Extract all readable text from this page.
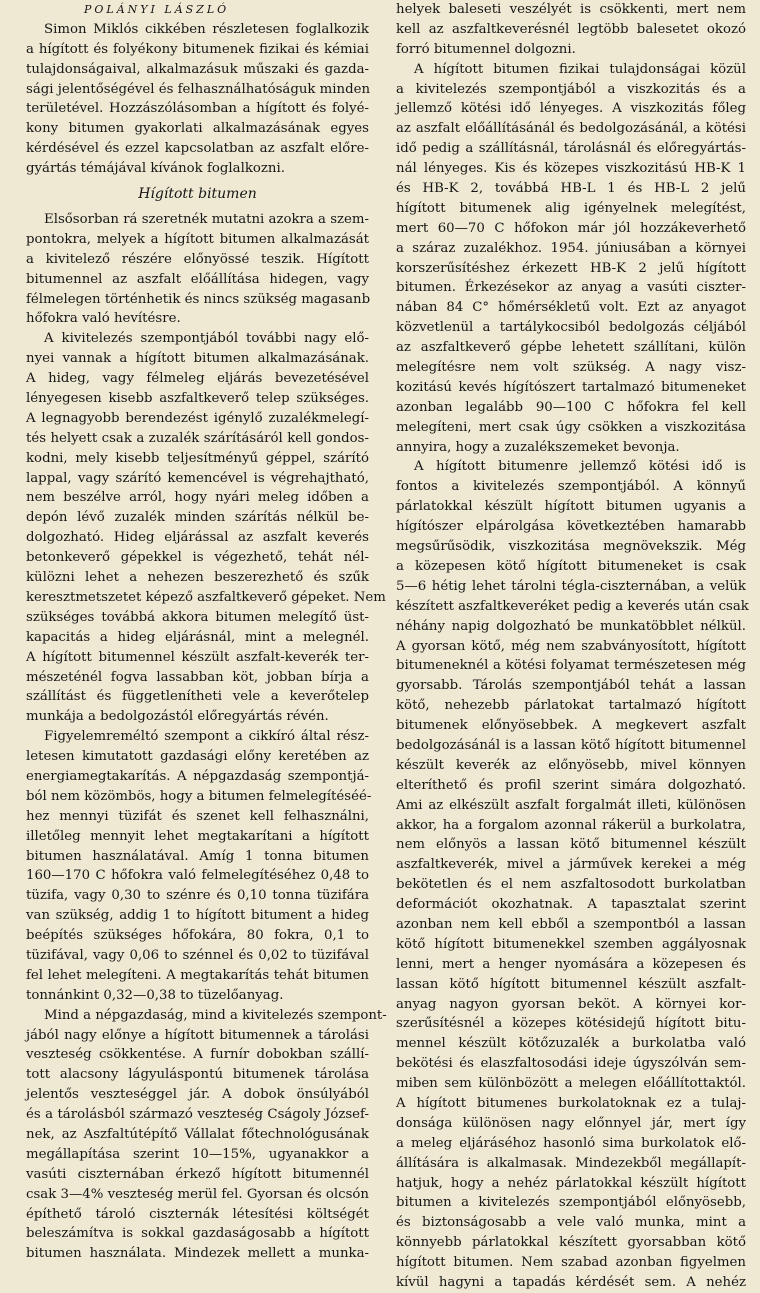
POLÁNYI LÁSZLÓ
Simon Miklós cikkében részletesen foglalkozik
a hígított és folyékony bitumenek fizikai és kémiai
tulajdonságaival, alkalmazásuk műszaki és gazda-
sági jelentőségével és felhasználhatóságuk minden
területével. Hozzászólásomban a hígított és folyé-
kony bitumen gyakorlati alkalmazásának egyes
kérdésével és ezzel kapcsolatban az aszfalt előre-
gyártás témájával kívánok foglalkozni.
Hígított bitumen
Elsősorban rá szeretnék mutatni azokra a szem-
pontokra, melyek a hígított bitumen alkalmazását
a kivitelező részére előnyössé teszik. Hígított
bitumennel az aszfalt előállítása hidegen, vagy
félmelegen történhetik és nincs szükség magasanb
hőfokra való hevítésre.
A kivitelezés szempontjából további nagy elő-
nyei vannak a hígított bitumen alkalmazásának.
A hideg, vagy félmeleg eljárás bevezetésével
lényegesen kisebb aszfaltkeverő telep szükséges.
A legnagyobb berendezést igénylő zuzalékmelegí-
tés helyett csak a zuzalék szárításáról kell gondos-
kodni, mely kisebb teljesítményű géppel, szárító
lappal, vagy szárító kemencével is végrehajtható,
nem beszélve arról, hogy nyári meleg időben a
depón lévő zuzalék minden szárítás nélkül be-
dolgozható. Hideg eljárással az aszfalt keverés
betonkeverő gépekkel is végezhető, tehát nél-
külözni lehet a nehezen beszerezhető és szűk
keresztmetszetet képező aszfaltkeverő gépeket. Nem
szükséges továbbá akkora bitumen melegítő üst-
kapacitás a hideg eljárásnál, mint a melegnél.
A hígított bitumennel készült aszfalt-keverék ter-
mészeténél fogva lassabban köt, jobban bírja a
szállítást és függetlenítheti vele a keverőtelep
munkája a bedolgozástól előregyártás révén.
Figyelemreméltó szempont a cikkíró által rész-
letesen kimutatott gazdasági előny keretében az
energiamegtakarítás. A népgazdaság szempontjá-
ból nem közömbös, hogy a bitumen felmelegítéséé-
hez mennyi tüzifát és szenet kell felhasználni,
illetőleg mennyit lehet megtakarítani a hígított
bitumen használatával. Amíg 1 tonna bitumen
160—170 C hőfokra való felmelegítéséhez 0,48 to
tüzifa, vagy 0,30 to szénre és 0,10 tonna tüzifára
van szükség, addig 1 to hígított bitument a hideg
beépítés szükséges hőfokára, 80 fokra, 0,1 to
tüzifával, vagy 0,06 to szénnel és 0,02 to tüzifával
fel lehet melegíteni. A megtakarítás tehát bitumen
tonnánkint 0,32—0,38 to tüzelőanyag.
Mind a népgazdaság, mind a kivitelezés szempont-
jából nagy előnye a hígított bitumennek a tárolási
veszteség csökkentése. A furnír dobokban szállí-
tott alacsony lágyuláspontú bitumenek tárolása
jelentős veszteséggel jár. A dobok önsúlyából
és a tárolásból származó veszteség Cságoly József-
nek, az Aszfaltútépítő Vállalat főtechnológusának
megállapítása szerint 10—15%, ugyanakkor a
vasúti ciszternában érkező hígított bitumennél
csak 3—4% veszteség merül fel. Gyorsan és olcsón
építhető tároló ciszternák létesítési költségét
beleszámítva is sokkal gazdaságosabb a hígított
bitumen használata. Mindezek mellett a munka-
helyek baleseti veszélyét is csökkenti, mert nem
kell az aszfaltkeverésnél legtöbb balesetet okozó
forró bitumennel dolgozni.
A hígított bitumen fizikai tulajdonságai közül
a kivitelezés szempontjából a viszkozitás és a
jellemző kötési idő lényeges. A viszkozitás főleg
az aszfalt előállításánál és bedolgozásánál, a kötési
idő pedig a szállításnál, tárolásnál és előregyártás-
nál lényeges. Kis és közepes viszkozitású HB-K 1
és HB-K 2, továbbá HB-L 1 és HB-L 2 jelű
hígított bitumenek alig igényelnek melegítést,
mert 60—70 C hőfokon már jól hozzákeverhető
a száraz zuzalékhoz. 1954. júniusában a környei
korszerűsítéshez érkezett HB-K 2 jelű hígított
bitumen. Érkezésekor az anyag a vasúti ciszter-
nában 84 C° hőmérsékletű volt. Ezt az anyagot
közvetlenül a tartálykocsiból bedolgozás céljából
az aszfaltkeverő gépbe lehetett szállítani, külön
melegítésre nem volt szükség. A nagy visz-
kozitású kevés hígítószert tartalmazó bitumeneket
azonban legalább 90—100 C hőfokra fel kell
melegíteni, mert csak úgy csökken a viszkozitása
annyira, hogy a zuzalékszemeket bevonja.
A hígított bitumenre jellemző kötési idő is
fontos a kivitelezés szempontjából. A könnyű
párlatokkal készült hígított bitumen ugyanis a
hígítószer elpárolgása következtében hamarabb
megsűrűsödik, viszkozitása megnövekszik. Még
a közepesen kötő hígított bitumeneket is csak
5—6 hétig lehet tárolni tégla-ciszternában, a velük
készített aszfaltkeveréket pedig a keverés után csak
néhány napig dolgozható be munkatöbblet nélkül.
A gyorsan kötő, még nem szabványosított, hígított
bitumeneknél a kötési folyamat természetesen még
gyorsabb. Tárolás szempontjából tehát a lassan
kötő, nehezebb párlatokat tartalmazó hígított
bitumenek előnyösebbek. A megkevert aszfalt
bedolgozásánál is a lassan kötő hígított bitumennel
készült keverék az előnyösebb, mivel könnyen
elteríthető és profil szerint simára dolgozható.
Ami az elkészült aszfalt forgalmát illeti, különösen
akkor, ha a forgalom azonnal rákerül a burkolatra,
nem előnyös a lassan kötő bitumennel készült
aszfaltkeverék, mivel a járművek kerekei a még
bekötetlen és el nem aszfaltosodott burkolatban
deformációt okozhatnak. A tapasztalat szerint
azonban nem kell ebből a szempontból a lassan
kötő hígított bitumenekkel szemben aggályosnak
lenni, mert a henger nyomására a közepesen és
lassan kötő hígított bitumennel készült aszfalt-
anyag nagyon gyorsan beköt. A környei kor-
szerűsítésnél a közepes kötésidejű hígított bitu-
mennel készült kötőzuzalék a burkolatba való
bekötési és elaszfaltosodási ideje úgyszólván sem-
miben sem különbözött a melegen előállítottaktól.
A hígított bitumenes burkolatoknak ez a tulaj-
donsága különösen nagy előnnyel jár, mert így
a meleg eljáráséhoz hasonló sima burkolatok elő-
állítására is alkalmasak. Mindezekből megállapít-
hatjuk, hogy a nehéz párlatokkal készült hígított
bitumen a kivitelezés szempontjából előnyösebb,
és biztonságosabb a vele való munka, mint a
könnyebb párlatokkal készített gyorsabban kötő
hígított bitumen. Nem szabad azonban figyelmen
kívül hagyni a tapadás kérdését sem. A nehéz
